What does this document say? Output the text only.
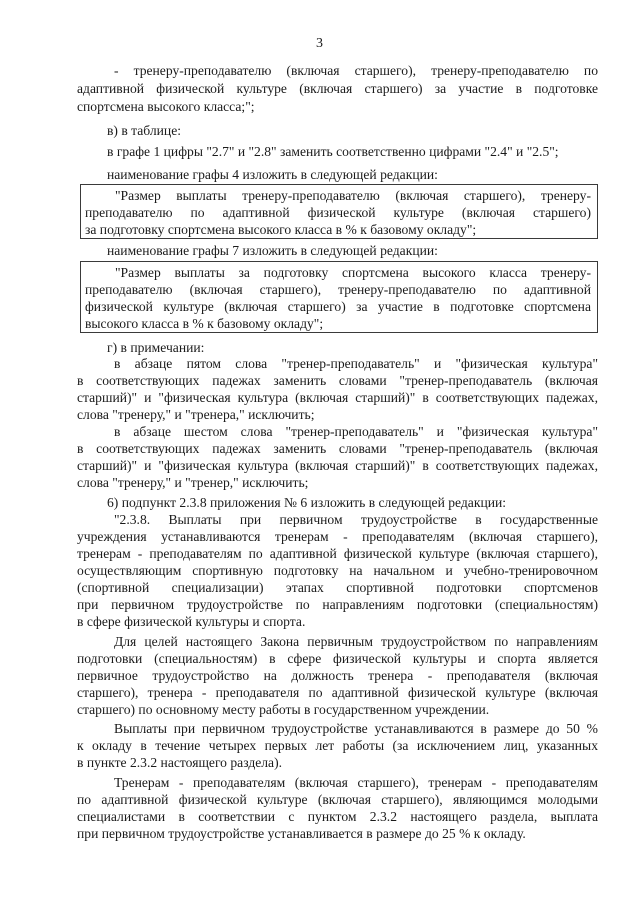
3
- тренеру-преподавателю (включая старшего), тренеру-преподавателю по
адаптивной физической культуре (включая старшего) за участие в подготовке
спортсмена высокого класса;";
в) в таблице:
в графе 1 цифры "2.7" и "2.8" заменить соответственно цифрами "2.4" и "2.5";
наименование графы 4 изложить в следующей редакции:
"Размер выплаты тренеру-преподавателю (включая старшего), тренеру-
преподавателю по адаптивной физической культуре (включая старшего)
за подготовку спортсмена высокого класса в % к базовому окладу";
наименование графы 7 изложить в следующей редакции:
"Размер выплаты за подготовку спортсмена высокого класса тренеру-
преподавателю (включая старшего), тренеру-преподавателю по адаптивной
физической культуре (включая старшего) за участие в подготовке спортсмена
высокого класса в % к базовому окладу";
г) в примечании:
в абзаце пятом слова "тренер-преподаватель" и "физическая культура"
в соответствующих падежах заменить словами "тренер-преподаватель (включая
старший)" и "физическая культура (включая старший)" в соответствующих падежах,
слова "тренеру," и "тренера," исключить;
в абзаце шестом слова "тренер-преподаватель" и "физическая культура"
в соответствующих падежах заменить словами "тренер-преподаватель (включая
старший)" и "физическая культура (включая старший)" в соответствующих падежах,
слова "тренеру," и "тренер," исключить;
6) подпункт 2.3.8 приложения № 6 изложить в следующей редакции:
"2.3.8. Выплаты при первичном трудоустройстве в государственные
учреждения устанавливаются тренерам - преподавателям (включая старшего),
тренерам - преподавателям по адаптивной физической культуре (включая старшего),
осуществляющим спортивную подготовку на начальном и учебно-тренировочном
(спортивной специализации) этапах спортивной подготовки спортсменов
при первичном трудоустройстве по направлениям подготовки (специальностям)
в сфере физической культуры и спорта.
Для целей настоящего Закона первичным трудоустройством по направлениям
подготовки (специальностям) в сфере физической культуры и спорта является
первичное трудоустройство на должность тренера - преподавателя (включая
старшего), тренера - преподавателя по адаптивной физической культуре (включая
старшего) по основному месту работы в государственном учреждении.
Выплаты при первичном трудоустройстве устанавливаются в размере до 50 %
к окладу в течение четырех первых лет работы (за исключением лиц, указанных
в пункте 2.3.2 настоящего раздела).
Тренерам - преподавателям (включая старшего), тренерам - преподавателям
по адаптивной физической культуре (включая старшего), являющимся молодыми
специалистами в соответствии с пунктом 2.3.2 настоящего раздела, выплата
при первичном трудоустройстве устанавливается в размере до 25 % к окладу.
